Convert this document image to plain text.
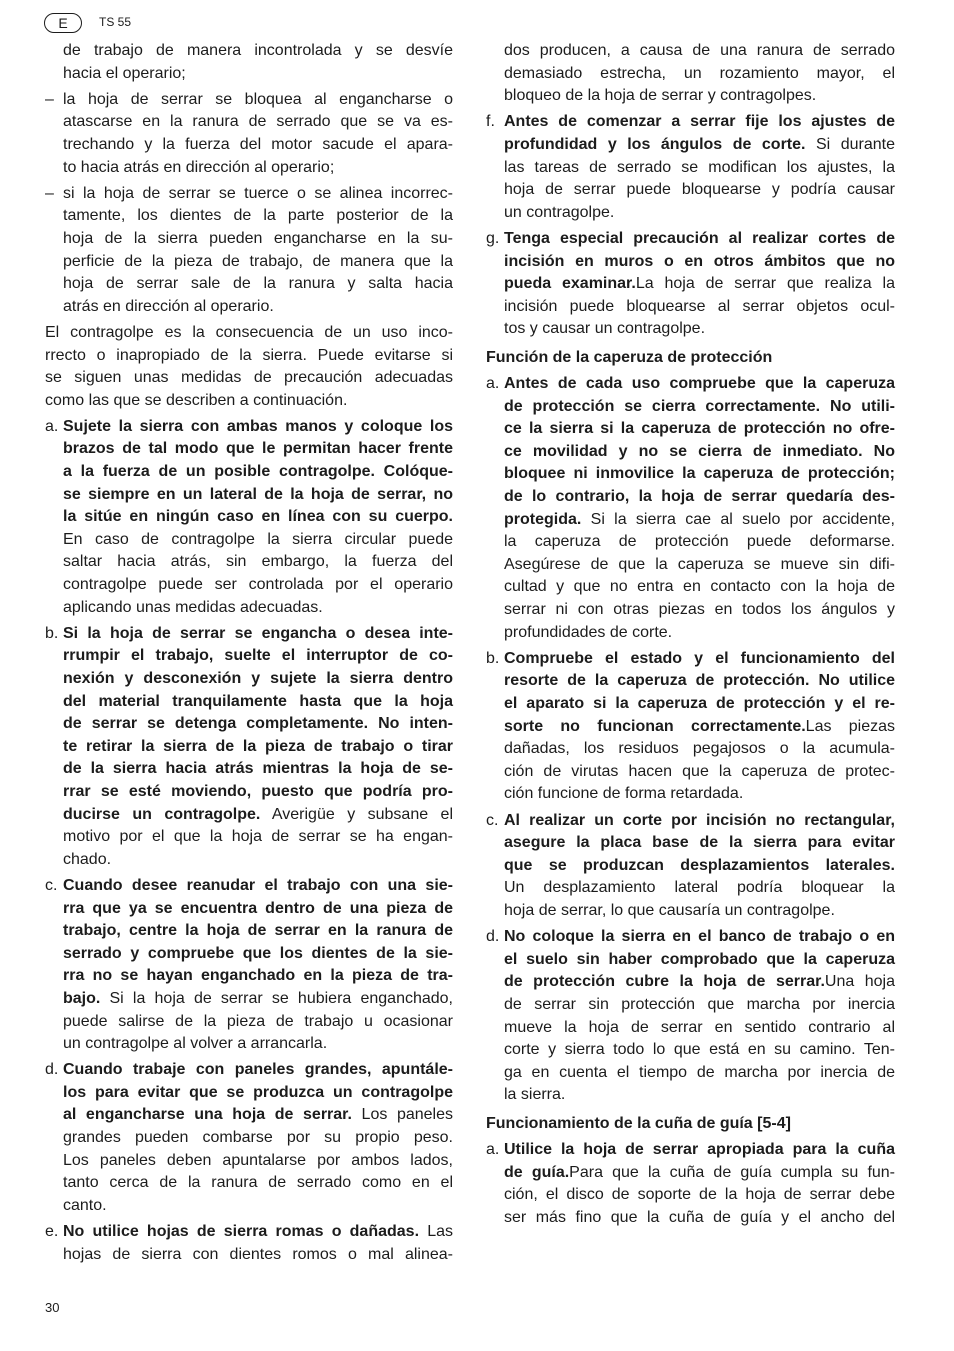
E	TS 55
de trabajo de manera incontrolada y se desvíe
hacia el operario;
– la hoja de serrar se bloquea al engancharse o
atascarse en la ranura de serrado que se va es-
trechando y la fuerza del motor sacude el apara-
to hacia atrás en dirección al operario;
– si la hoja de serrar se tuerce o se alinea incorrec-
tamente, los dientes de la parte posterior de la
hoja de la sierra pueden engancharse en la su-
perficie de la pieza de trabajo, de manera que la
hoja de serrar sale de la ranura y salta hacia
atrás en dirección al operario.
El contragolpe es la consecuencia de un uso inco-
rrecto o inapropiado de la sierra. Puede evitarse si
se siguen unas medidas de precaución adecuadas
como las que se describen a continuación.
a. Sujete la sierra con ambas manos y coloque los
brazos de tal modo que le permitan hacer frente
a la fuerza de un posible contragolpe. Colóque-
se siempre en un lateral de la hoja de serrar, no
la sitúe en ningún caso en línea con su cuerpo.
En caso de contragolpe la sierra circular puede
saltar hacia atrás, sin embargo, la fuerza del
contragolpe puede ser controlada por el operario
aplicando unas medidas adecuadas.
b. Si la hoja de serrar se engancha o desea inte-
rrumpir el trabajo, suelte el interruptor de co-
nexión y desconexión y sujete la sierra dentro
del material tranquilamente hasta que la hoja
de serrar se detenga completamente. No inten-
te retirar la sierra de la pieza de trabajo o tirar
de la sierra hacia atrás mientras la hoja de se-
rrar se esté moviendo, puesto que podría pro-
ducirse un contragolpe. Averigüe y subsane el
motivo por el que la hoja de serrar se ha engan-
chado.
c. Cuando desee reanudar el trabajo con una sie-
rra que ya se encuentra dentro de una pieza de
trabajo, centre la hoja de serrar en la ranura de
serrado y compruebe que los dientes de la sie-
rra no se hayan enganchado en la pieza de tra-
bajo. Si la hoja de serrar se hubiera enganchado,
puede salirse de la pieza de trabajo u ocasionar
un contragolpe al volver a arrancarla.
d. Cuando trabaje con paneles grandes, apuntále-
los para evitar que se produzca un contragolpe
al engancharse una hoja de serrar. Los paneles
grandes pueden combarse por su propio peso.
Los paneles deben apuntalarse por ambos lados,
tanto cerca de la ranura de serrado como en el
canto.
e. No utilice hojas de sierra romas o dañadas. Las
hojas de sierra con dientes romos o mal alinea-
dos producen, a causa de una ranura de serrado
demasiado estrecha, un rozamiento mayor, el
bloqueo de la hoja de serrar y contragolpes.
f. Antes de comenzar a serrar fije los ajustes de
profundidad y los ángulos de corte. Si durante
las tareas de serrado se modifican los ajustes, la
hoja de serrar puede bloquearse y podría causar
un contragolpe.
g. Tenga especial precaución al realizar cortes de
incisión en muros o en otros ámbitos que no
pueda examinar.La hoja de serrar que realiza la
incisión puede bloquearse al serrar objetos ocul-
tos y causar un contragolpe.
Función de la caperuza de protección
a. Antes de cada uso compruebe que la caperuza
de protección se cierra correctamente. No utili-
ce la sierra si la caperuza de protección no ofre-
ce movilidad y no se cierra de inmediato. No
bloquee ni inmovilice la caperuza de protección;
de lo contrario, la hoja de serrar quedaría des-
protegida. Si la sierra cae al suelo por accidente,
la caperuza de protección puede deformarse.
Asegúrese de que la caperuza se mueve sin difi-
cultad y que no entra en contacto con la hoja de
serrar ni con otras piezas en todos los ángulos y
profundidades de corte.
b. Compruebe el estado y el funcionamiento del
resorte de la caperuza de protección. No utilice
el aparato si la caperuza de protección y el re-
sorte no funcionan correctamente.Las piezas
dañadas, los residuos pegajosos o la acumula-
ción de virutas hacen que la caperuza de protec-
ción funcione de forma retardada.
c. Al realizar un corte por incisión no rectangular,
asegure la placa base de la sierra para evitar
que se produzcan desplazamientos laterales.
Un desplazamiento lateral podría bloquear la
hoja de serrar, lo que causaría un contragolpe.
d. No coloque la sierra en el banco de trabajo o en
el suelo sin haber comprobado que la caperuza
de protección cubre la hoja de serrar.Una hoja
de serrar sin protección que marcha por inercia
mueve la hoja de serrar en sentido contrario al
corte y sierra todo lo que está en su camino. Ten-
ga en cuenta el tiempo de marcha por inercia de
la sierra.
Funcionamiento de la cuña de guía [5-4]
a. Utilice la hoja de serrar apropiada para la cuña
de guía.Para que la cuña de guía cumpla su fun-
ción, el disco de soporte de la hoja de serrar debe
ser más fino que la cuña de guía y el ancho del
30
